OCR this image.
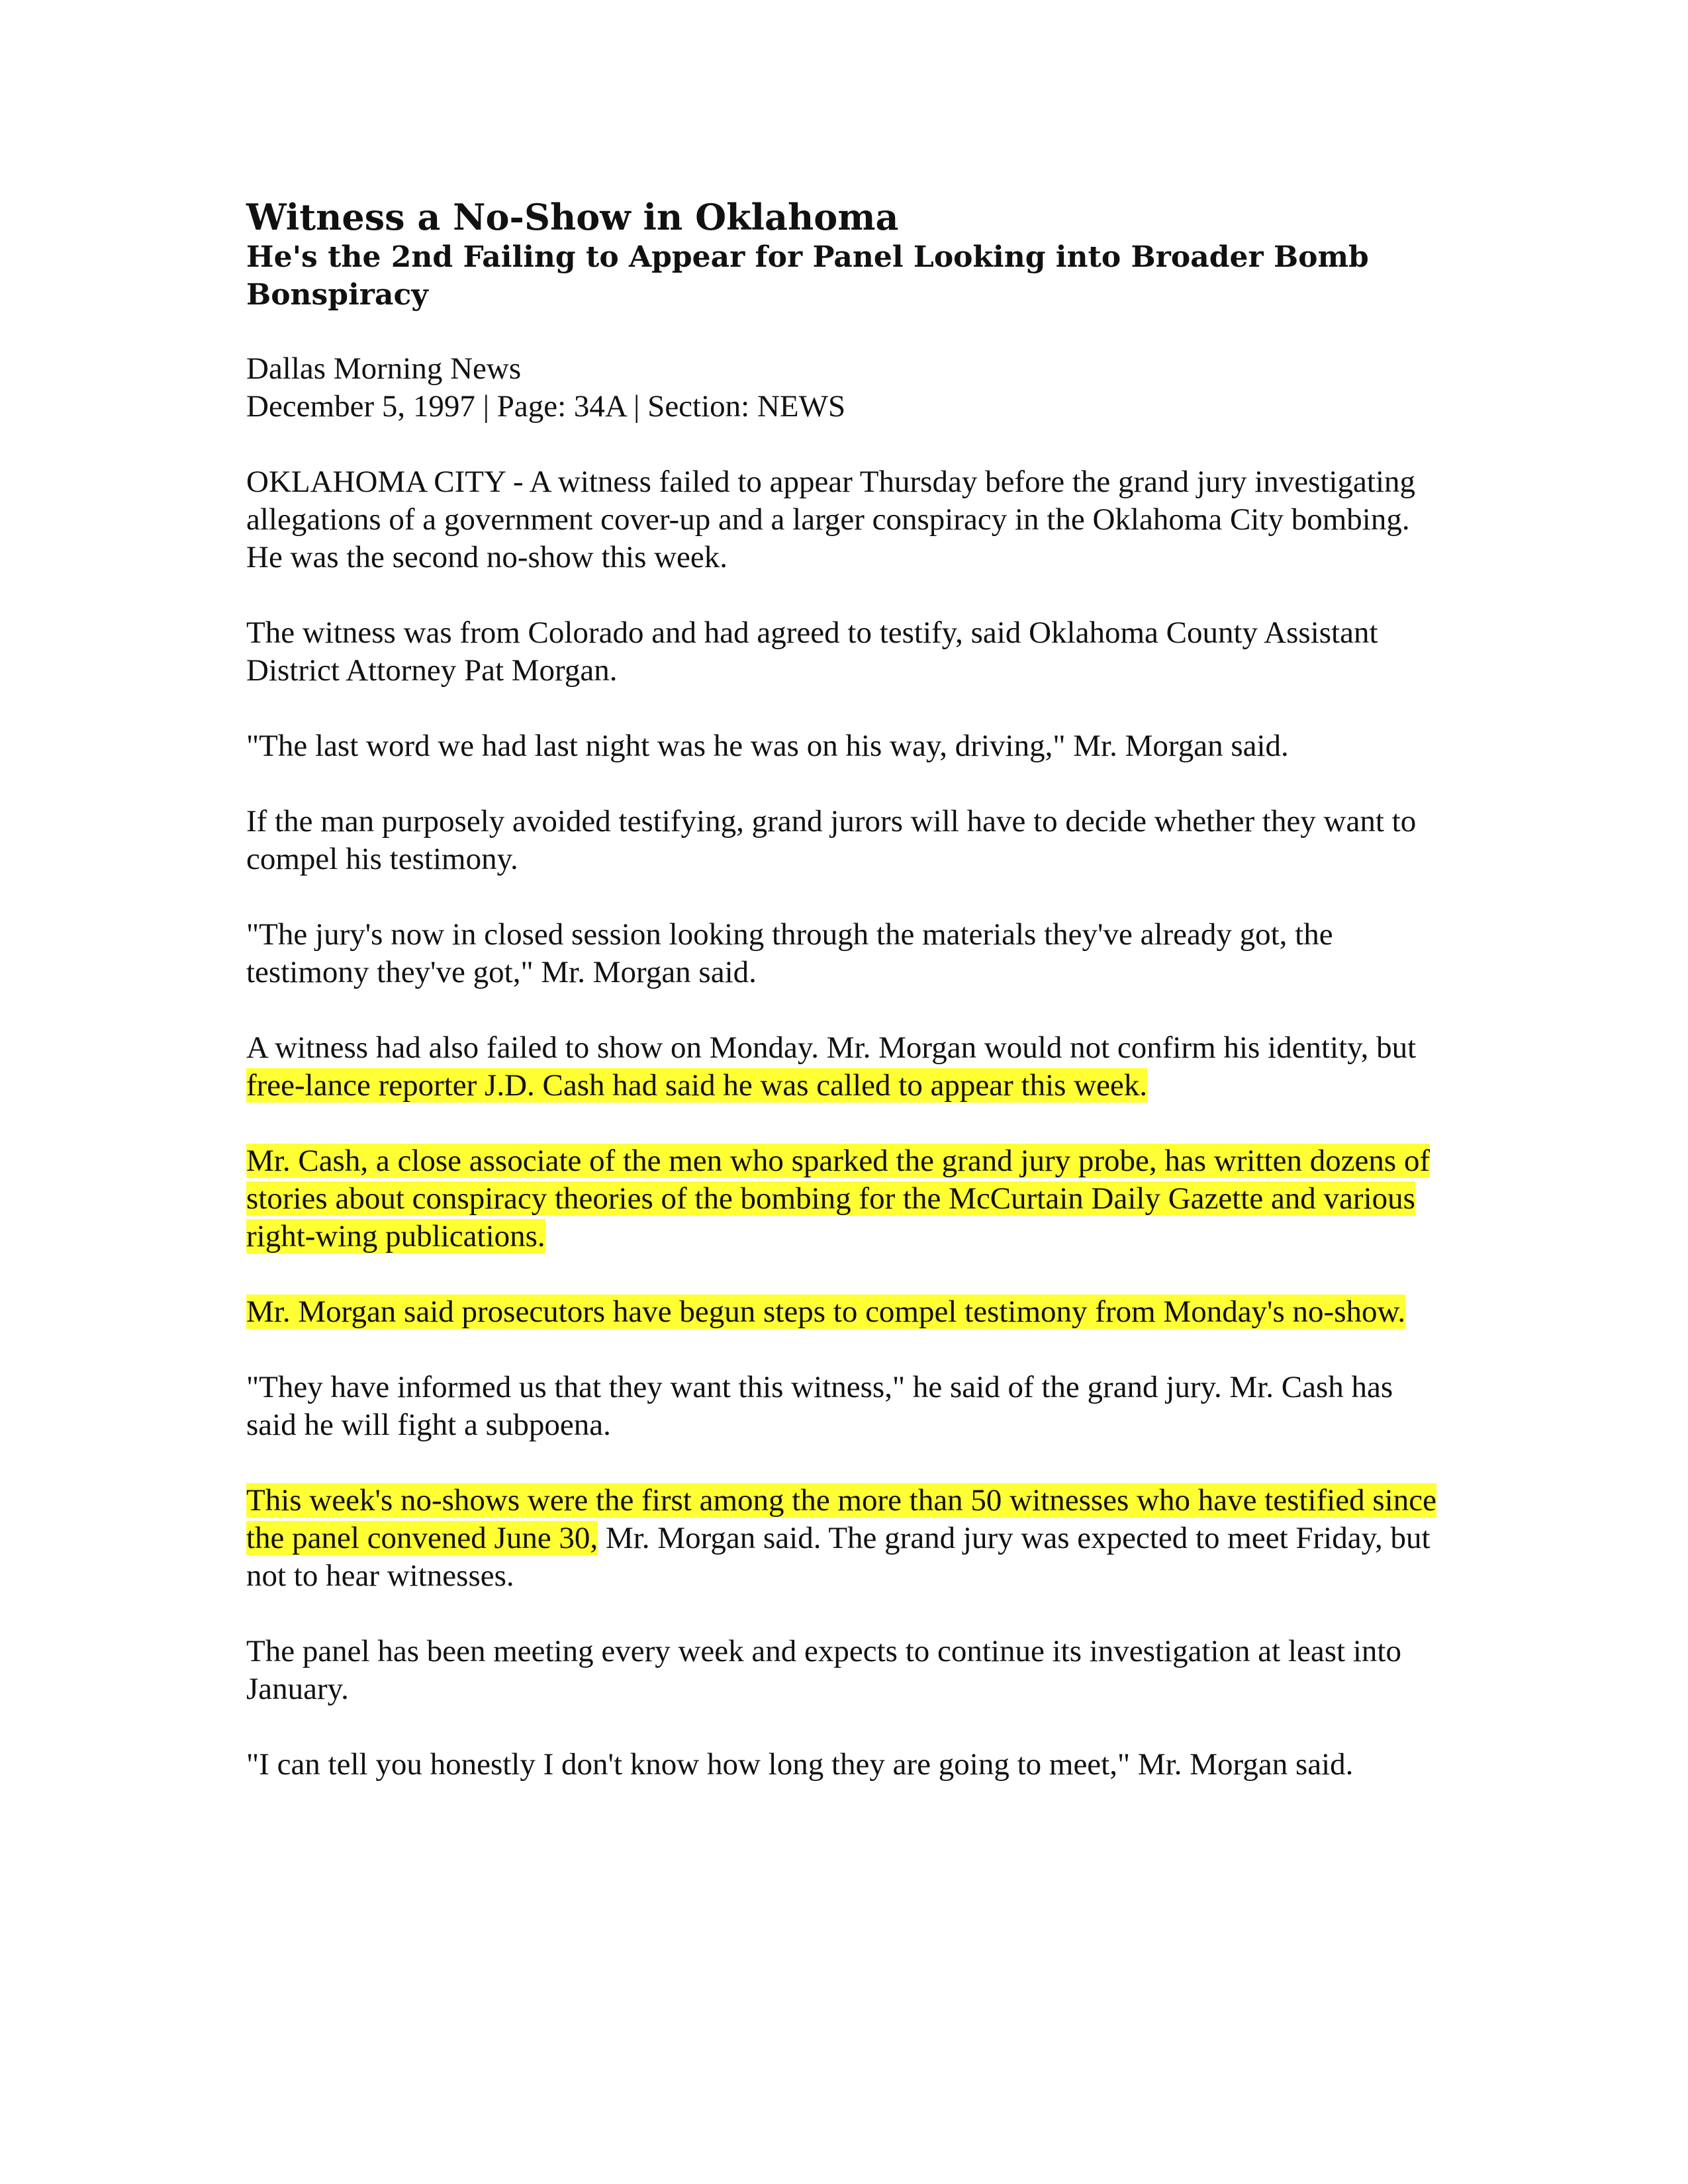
Witness a No-Show in Oklahoma
He's the 2nd Failing to Appear for Panel Looking into Broader Bomb Bonspiracy

Dallas Morning News

December 5, 1997 | Page: 34A | Section: NEWS

OKLAHOMA CITY - A witness failed to appear Thursday before the grand jury investigating allegations of a government cover-up and a larger conspiracy in the Oklahoma City bombing. He was the second no-show this week.

The witness was from Colorado and had agreed to testify, said Oklahoma County Assistant District Attorney Pat Morgan.

"The last word we had last night was he was on his way, driving," Mr. Morgan said.

If the man purposely avoided testifying, grand jurors will have to decide whether they want to compel his testimony.

"The jury's now in closed session looking through the materials they've already got, the testimony they've got," Mr. Morgan said.

A witness had also failed to show on Monday. Mr. Morgan would not confirm his identity, but free-lance reporter J.D. Cash had said he was called to appear this week.

Mr. Cash, a close associate of the men who sparked the grand jury probe, has written dozens of stories about conspiracy theories of the bombing for the McCurtain Daily Gazette and various right-wing publications.

Mr. Morgan said prosecutors have begun steps to compel testimony from Monday's no-show.

"They have informed us that they want this witness," he said of the grand jury. Mr. Cash has said he will fight a subpoena.

This week's no-shows were the first among the more than 50 witnesses who have testified since the panel convened June 30, Mr. Morgan said. The grand jury was expected to meet Friday, but not to hear witnesses.

The panel has been meeting every week and expects to continue its investigation at least into January.

"I can tell you honestly I don't know how long they are going to meet," Mr. Morgan said.
